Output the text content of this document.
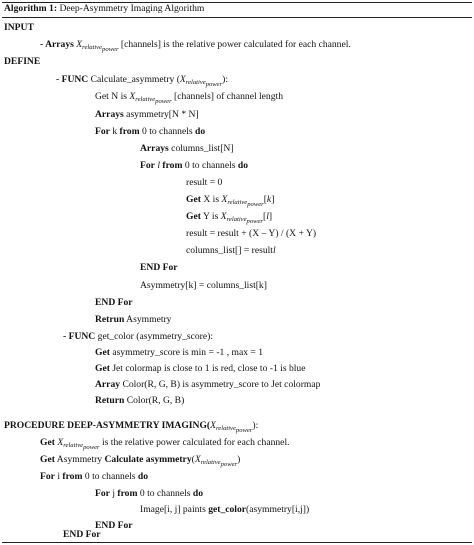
Algorithm 1: Deep-Asymmetry Imaging Algorithm
INPUT
- Arrays $X_{relative_{power}}$ [channels] is the relative power calculated for each channel.
DEFINE
- FUNC Calculate_asymmetry $(X_{relative_{power}})$:
Get N is $X_{relative_{power}}$ [channels] of channel length
Arrays asymmetry[N * N]
For k from 0 to channels do
Arrays columns_list[N]
For l from 0 to channels do
result = 0
Get X is $X_{relative_{power}}[k]$
Get Y is $X_{relative_{power}}[l]$
result = result + (X – Y) / (X + Y)
columns_list[] = resultl
END For
Asymmetry[k] = columns_list[k]
END For
Retrun Asymmetry
- FUNC get_color (asymmetry_score):
Get asymmetry_score is min = -1 , max = 1
Get Jet colormap is close to 1 is red, close to -1 is blue
Array Color(R, G, B) is asymmetry_score to Jet colormap
Return Color(R, G, B)
PROCEDURE DEEP-ASYMMETRY $IMAGING(X_{relative_{power}})$:
Get $X_{relative_{power}}$ is the relative power calculated for each channel.
Get Asymmetry Calculate $asymmetry(X_{relative_{power}})$
For i from 0 to channels do
For j from 0 to channels do
Image[i, j] paints get_color(asymmetry[i,j])
END For
END For
